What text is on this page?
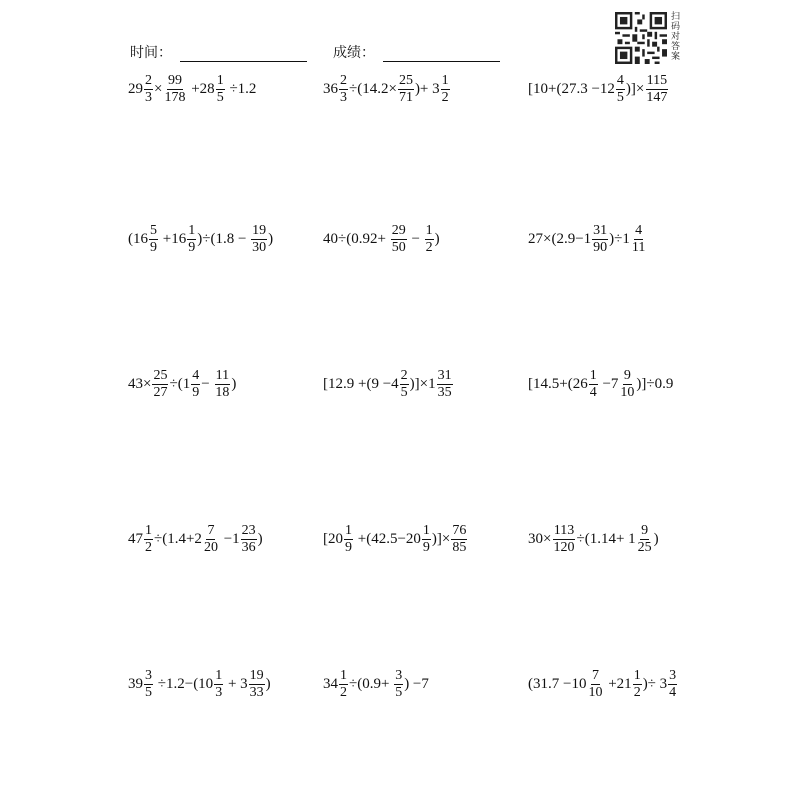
时间：	成绩：
扫
码
对
答
案
$29 \frac{2}{3} \times \frac{99}{178} +28 \frac{1}{5} \div 1.2$	$36 \frac{2}{3} \div(14.2\times \frac{25}{71}$ )+ $3 \frac{1}{2}$	[$10+(27.3 -12 \frac{4}{5}$ )]× $\frac{115}{147}$
$(16 \frac{5}{9} +16 \frac{1}{9} )\div(1.8 - \frac{19}{30}$ )	$40\div(0.92+ \frac{29}{50} - \frac{1}{2}$ )	$27\times(2.9-1 \frac{31}{90} )\div 1 \frac{4}{11}$
$43\times \frac{25}{27} \div(1 \frac{4}{9} - \frac{11}{18}$ )	$[12.9 +(9 -4 \frac{2}{5} )]\times 1 \frac{31}{35}$	$[14.5+(26 \frac{1}{4} -7 \frac{9}{10} )]\div 0.9$
$47 \frac{1}{2} \div(1.4+2 \frac{7}{20} -1 \frac{23}{36}$ )	[$20 \frac{1}{9} +(42.5-20 \frac{1}{9}$ )]× $\frac{76}{85}$	$30\times \frac{113}{120} \div(1.14+ 1 \frac{9}{25}$ )
$39 \frac{3}{5} \div 1.2-(10 \frac{1}{3} + 3 \frac{19}{33}$ )	$34 \frac{1}{2} \div(0.9+ \frac{3}{5}$ ) −7	($31.7 -10 \frac{7}{10} +21 \frac{1}{2}$ )÷ $3 \frac{3}{4}$
